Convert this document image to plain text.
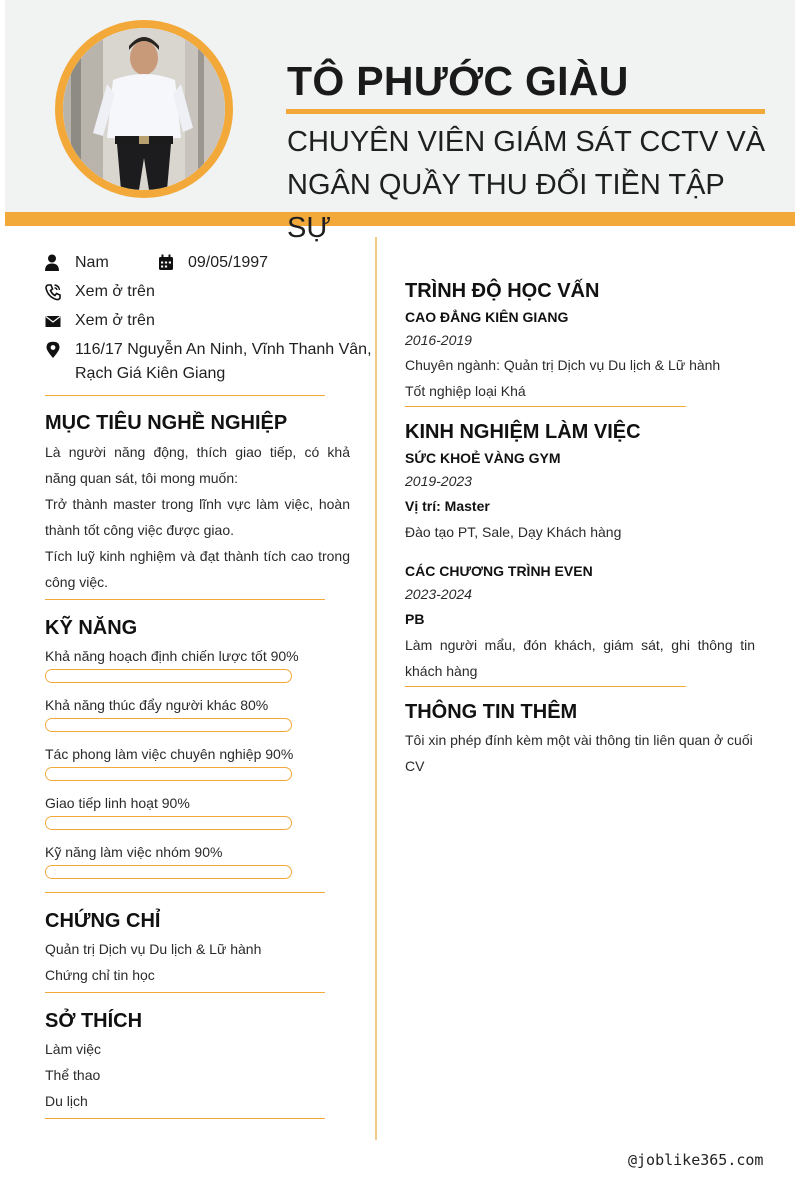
TÔ PHƯỚC GIÀU
CHUYÊN VIÊN GIÁM SÁT CCTV VÀ NGÂN QUẦY THU ĐỔI TIỀN TẬP SỰ
Nam	09/05/1997
Xem ở trên
Xem ở trên
116/17 Nguyễn An Ninh, Vĩnh Thanh Vân, Rạch Giá Kiên Giang
MỤC TIÊU NGHỀ NGHIỆP
Là người năng động, thích giao tiếp, có khả năng quan sát, tôi mong muốn:
Trở thành master trong lĩnh vực làm việc, hoàn thành tốt công việc được giao.
Tích luỹ kinh nghiệm và đạt thành tích cao trong công việc.
KỸ NĂNG
Khả năng hoạch định chiến lược tốt 90%
Khả năng thúc đẩy người khác 80%
Tác phong làm việc chuyên nghiệp 90%
Giao tiếp linh hoạt 90%
Kỹ năng làm việc nhóm 90%
CHỨNG CHỈ
Quản trị Dịch vụ Du lịch & Lữ hành
Chứng chỉ tin học
SỞ THÍCH
Làm việc
Thể thao
Du lịch
TRÌNH ĐỘ HỌC VẤN
CAO ĐẲNG KIÊN GIANG
2016-2019
Chuyên ngành: Quản trị Dịch vụ Du lịch & Lữ hành
Tốt nghiệp loại Khá
KINH NGHIỆM LÀM VIỆC
SỨC KHOẺ VÀNG GYM
2019-2023
Vị trí: Master
Đào tạo PT, Sale, Dạy Khách hàng
CÁC CHƯƠNG TRÌNH EVEN
2023-2024
PB
Làm người mẩu, đón khách, giám sát, ghi thông tin khách hàng
THÔNG TIN THÊM
Tôi xin phép đính kèm một vài thông tin liên quan ở cuối  CV
@joblike365.com
